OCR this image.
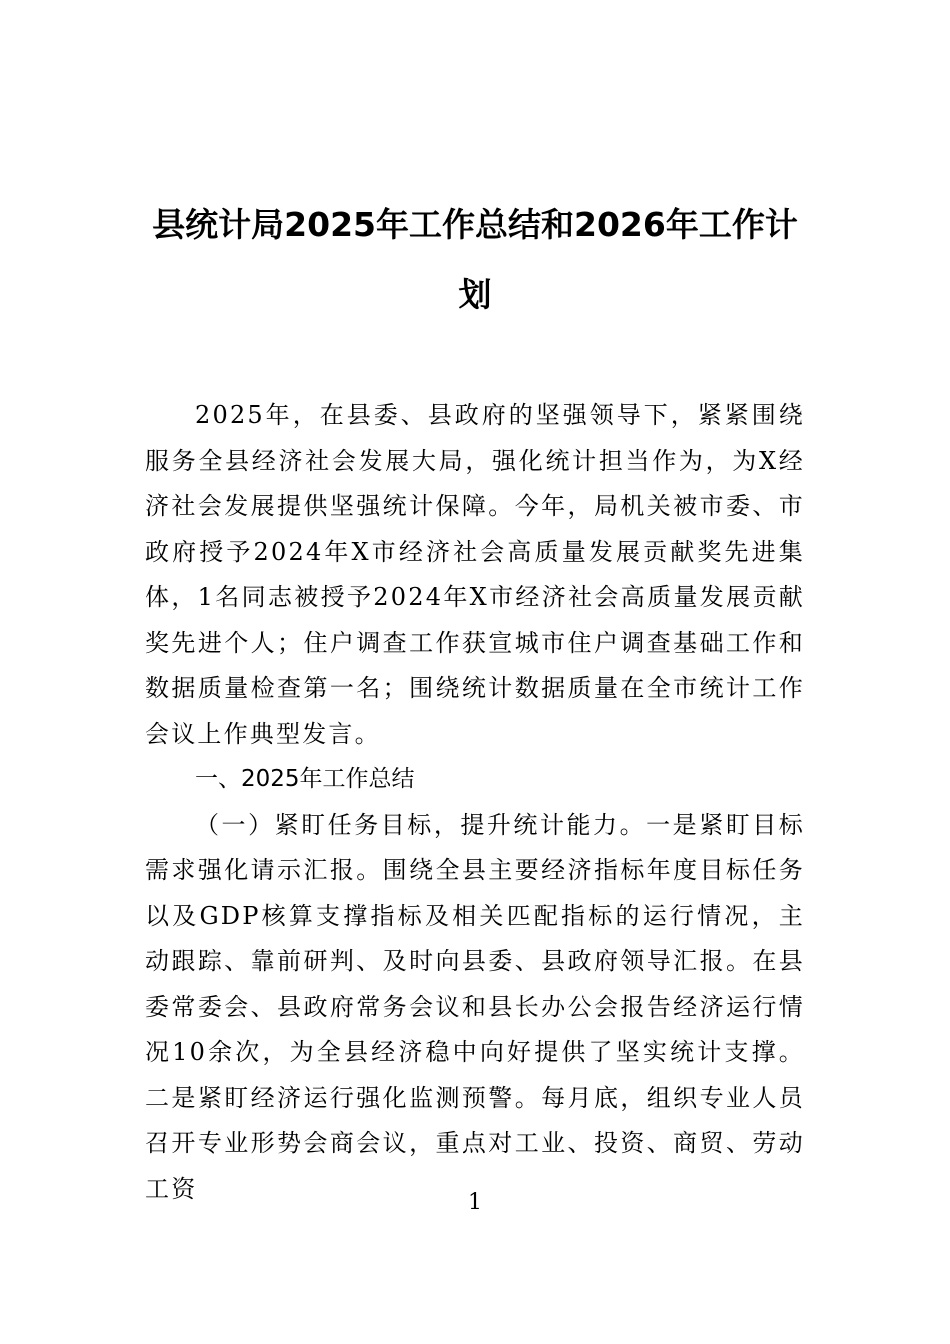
县统计局2025年工作总结和2026年工作计划

2025年，在县委、县政府的坚强领导下，紧紧围绕服务全县经济社会发展大局，强化统计担当作为，为X经济社会发展提供坚强统计保障。今年，局机关被市委、市政府授予2024年X市经济社会高质量发展贡献奖先进集体，1名同志被授予2024年X市经济社会高质量发展贡献奖先进个人；住户调查工作获宣城市住户调查基础工作和数据质量检查第一名；围绕统计数据质量在全市统计工作会议上作典型发言。

一、2025年工作总结

（一）紧盯任务目标，提升统计能力。一是紧盯目标需求强化请示汇报。围绕全县主要经济指标年度目标任务以及GDP核算支撑指标及相关匹配指标的运行情况，主动跟踪、靠前研判、及时向县委、县政府领导汇报。在县委常委会、县政府常务会议和县长办公会报告经济运行情况10余次，为全县经济稳中向好提供了坚实统计支撑。二是紧盯经济运行强化监测预警。每月底，组织专业人员召开专业形势会商会议，重点对工业、投资、商贸、劳动工资	1
